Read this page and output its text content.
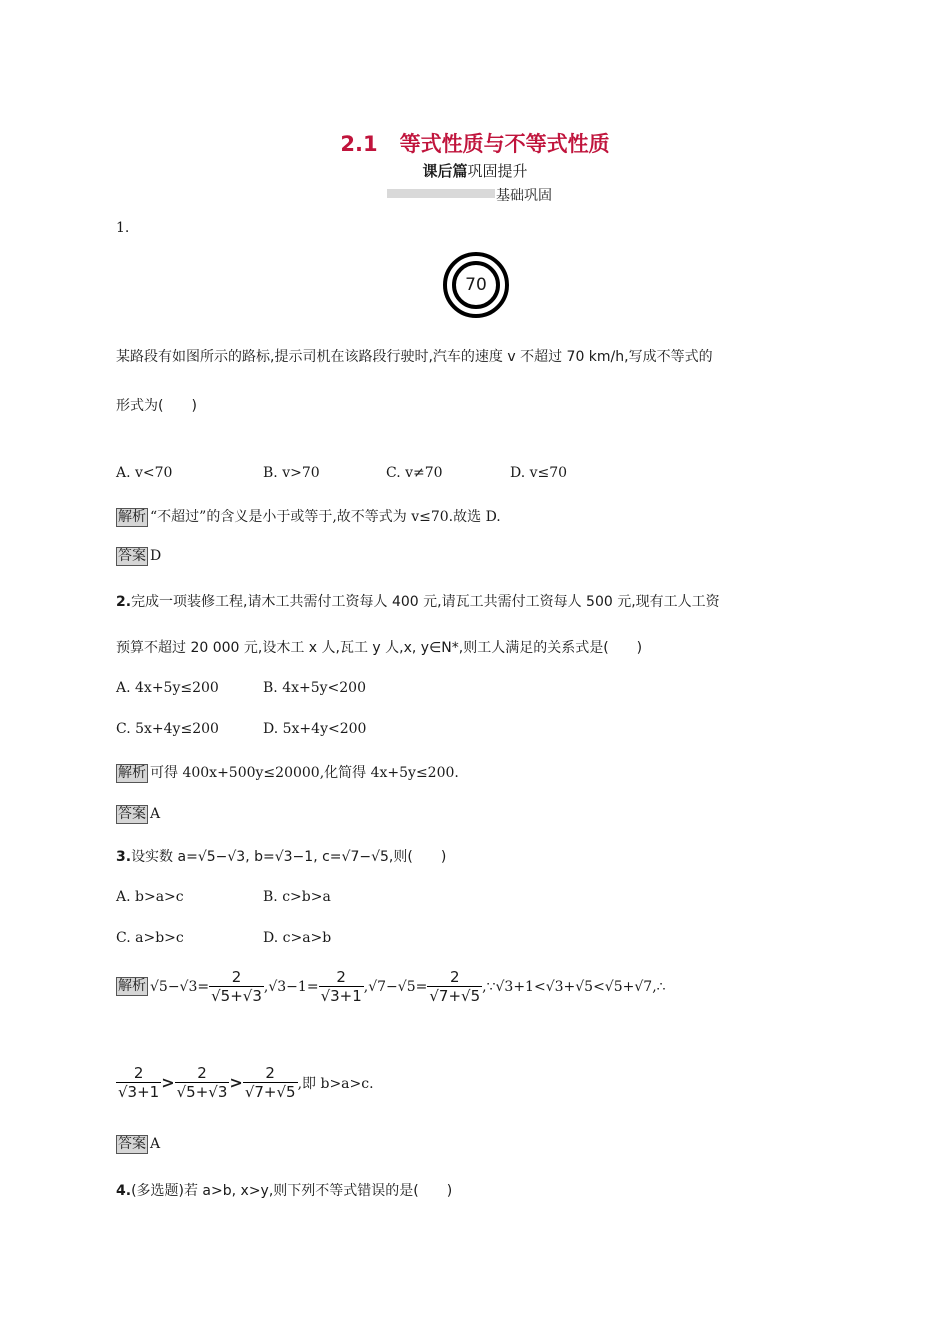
2.1 等式性质与不等式性质
课后篇巩固提升
基础巩固
1.
70
某路段有如图所示的路标,提示司机在该路段行驶时,汽车的速度 v 不超过 70 km/h,写成不等式的
形式为(　　)
A. v<70	B. v>70	C. v≠70	D. v≤70
解析 “不超过”的含义是小于或等于,故不等式为 v≤70.故选 D.
答案 D
2.完成一项装修工程,请木工共需付工资每人 400 元,请瓦工共需付工资每人 500 元,现有工人工资
预算不超过 20 000 元,设木工 x 人,瓦工 y 人,x, y∈N*,则工人满足的关系式是(　　)
A. 4x+5y≤200	B. 4x+5y<200
C. 5x+4y≤200	D. 5x+4y<200
解析 可得 400x+500y≤20000,化简得 4x+5y≤200.
答案 A
3.设实数 a=√5−√3, b=√3−1, c=√7−√5,则(　　)
A. b>a>c	B. c>b>a
C. a>b>c	D. c>a>b
解析 $√5-√3= \frac{2}{√5+√3} ,√3-1= \frac{2}{√3+1} ,√7-√5= \frac{2}{√7+√5}$ ,∵√3+1<√3+√5<√5+√7,∴
$\frac{2}{√3+1} > \frac{2}{√5+√3} > \frac{2}{√7+√5}$ ,即 b>a>c.
答案 A
4.(多选题)若 a>b, x>y,则下列不等式错误的是(　　)
